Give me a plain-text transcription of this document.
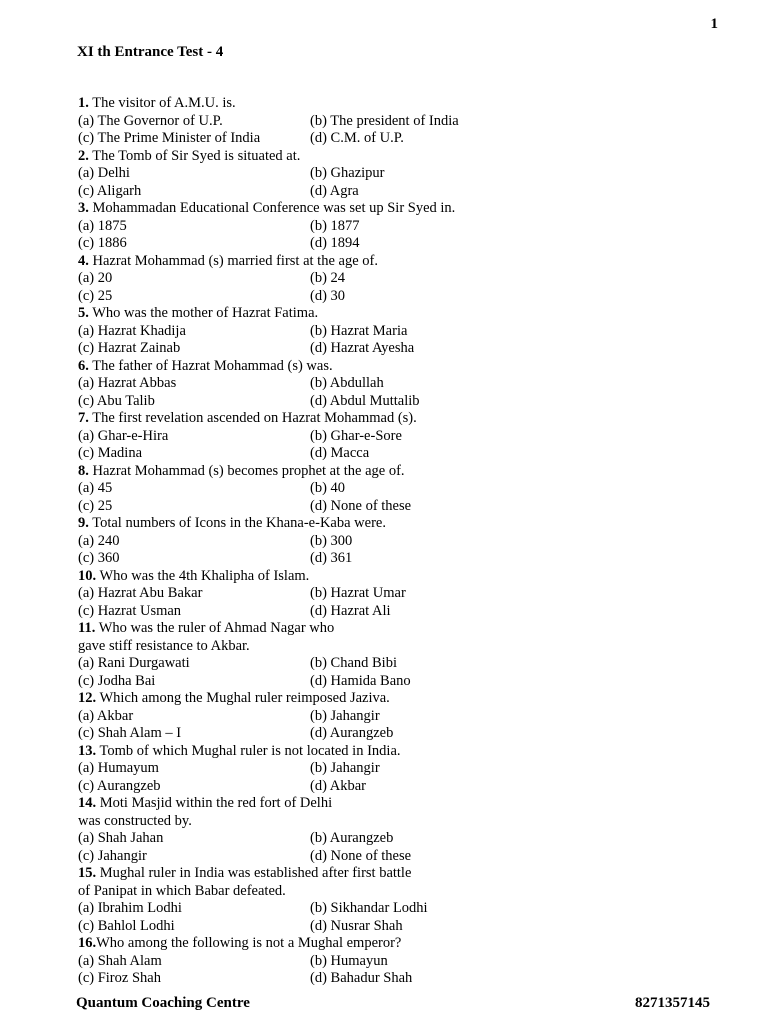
1
XI th Entrance Test - 4
1. The visitor of A.M.U. is.
(a) The Governor of U.P.	(b) The president of India
(c) The Prime Minister of India	(d) C.M. of U.P.
2. The Tomb of Sir Syed is situated at.
(a) Delhi	(b) Ghazipur
(c) Aligarh	(d) Agra
3. Mohammadan Educational Conference was set up Sir Syed in.
(a) 1875	(b) 1877
(c) 1886	(d) 1894
4. Hazrat Mohammad (s) married first at the age of.
(a) 20	(b) 24
(c) 25	(d) 30
5. Who was the mother of Hazrat Fatima.
(a) Hazrat Khadija	(b) Hazrat Maria
(c) Hazrat Zainab	(d) Hazrat Ayesha
6. The father of Hazrat Mohammad (s) was.
(a) Hazrat Abbas	(b) Abdullah
(c) Abu Talib	(d) Abdul Muttalib
7. The first revelation ascended on Hazrat Mohammad (s).
(a) Ghar-e-Hira	(b) Ghar-e-Sore
(c) Madina	(d) Macca
8. Hazrat Mohammad (s) becomes prophet at the age of.
(a) 45	(b) 40
(c) 25	(d) None of these
9. Total numbers of Icons in the Khana-e-Kaba were.
(a) 240	(b) 300
(c) 360	(d) 361
10. Who was the 4th Khalipha of Islam.
(a) Hazrat Abu Bakar	(b) Hazrat Umar
(c) Hazrat Usman	(d) Hazrat Ali
11. Who was the ruler of Ahmad Nagar who
gave stiff resistance to Akbar.
(a) Rani Durgawati	(b) Chand Bibi
(c) Jodha Bai	(d) Hamida Bano
12. Which among the Mughal ruler reimposed Jaziva.
(a) Akbar	(b) Jahangir
(c) Shah Alam – I	(d) Aurangzeb
13. Tomb of which Mughal ruler is not located in India.
(a) Humayum	(b) Jahangir
(c) Aurangzeb	(d) Akbar
14. Moti Masjid within the red fort of Delhi
was constructed by.
(a) Shah Jahan	(b) Aurangzeb
(c) Jahangir	(d) None of these
15. Mughal ruler in India was established after first battle
of Panipat in which Babar defeated.
(a) Ibrahim Lodhi	(b) Sikhandar Lodhi
(c) Bahlol Lodhi	(d) Nusrar Shah
16.Who among the following is not a Mughal emperor?
(a) Shah Alam	(b) Humayun
(c) Firoz Shah	(d) Bahadur Shah
Quantum Coaching Centre	8271357145
